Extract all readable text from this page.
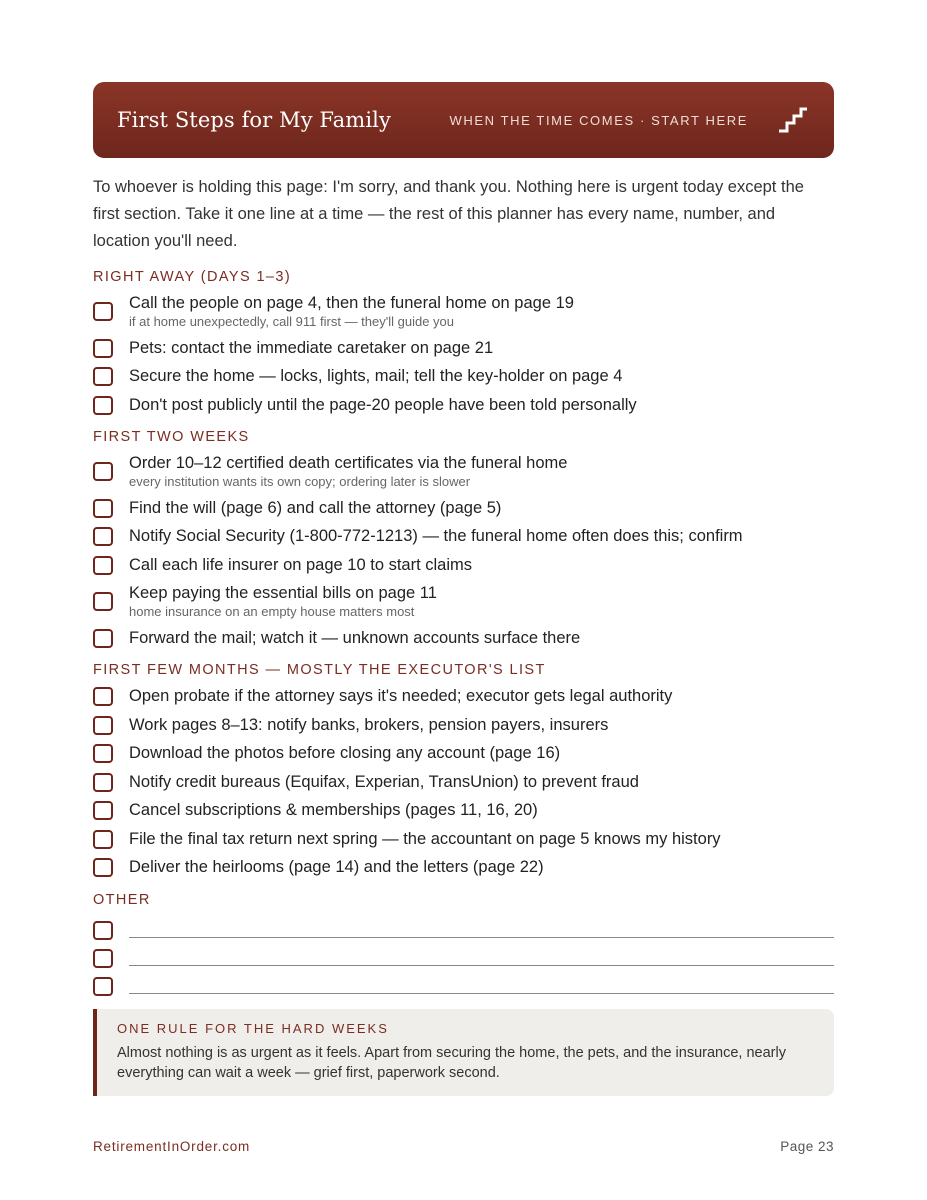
First Steps for My Family	WHEN THE TIME COMES · START HERE
To whoever is holding this page: I'm sorry, and thank you. Nothing here is urgent today except the first section. Take it one line at a time — the rest of this planner has every name, number, and location you'll need.
RIGHT AWAY (DAYS 1–3)
Call the people on page 4, then the funeral home on page 19
if at home unexpectedly, call 911 first — they'll guide you
Pets: contact the immediate caretaker on page 21
Secure the home — locks, lights, mail; tell the key-holder on page 4
Don't post publicly until the page-20 people have been told personally
FIRST TWO WEEKS
Order 10–12 certified death certificates via the funeral home
every institution wants its own copy; ordering later is slower
Find the will (page 6) and call the attorney (page 5)
Notify Social Security (1-800-772-1213) — the funeral home often does this; confirm
Call each life insurer on page 10 to start claims
Keep paying the essential bills on page 11
home insurance on an empty house matters most
Forward the mail; watch it — unknown accounts surface there
FIRST FEW MONTHS — MOSTLY THE EXECUTOR'S LIST
Open probate if the attorney says it's needed; executor gets legal authority
Work pages 8–13: notify banks, brokers, pension payers, insurers
Download the photos before closing any account (page 16)
Notify credit bureaus (Equifax, Experian, TransUnion) to prevent fraud
Cancel subscriptions & memberships (pages 11, 16, 20)
File the final tax return next spring — the accountant on page 5 knows my history
Deliver the heirlooms (page 14) and the letters (page 22)
OTHER
ONE RULE FOR THE HARD WEEKS
Almost nothing is as urgent as it feels. Apart from securing the home, the pets, and the insurance, nearly everything can wait a week — grief first, paperwork second.
RetirementInOrder.com	Page 23
